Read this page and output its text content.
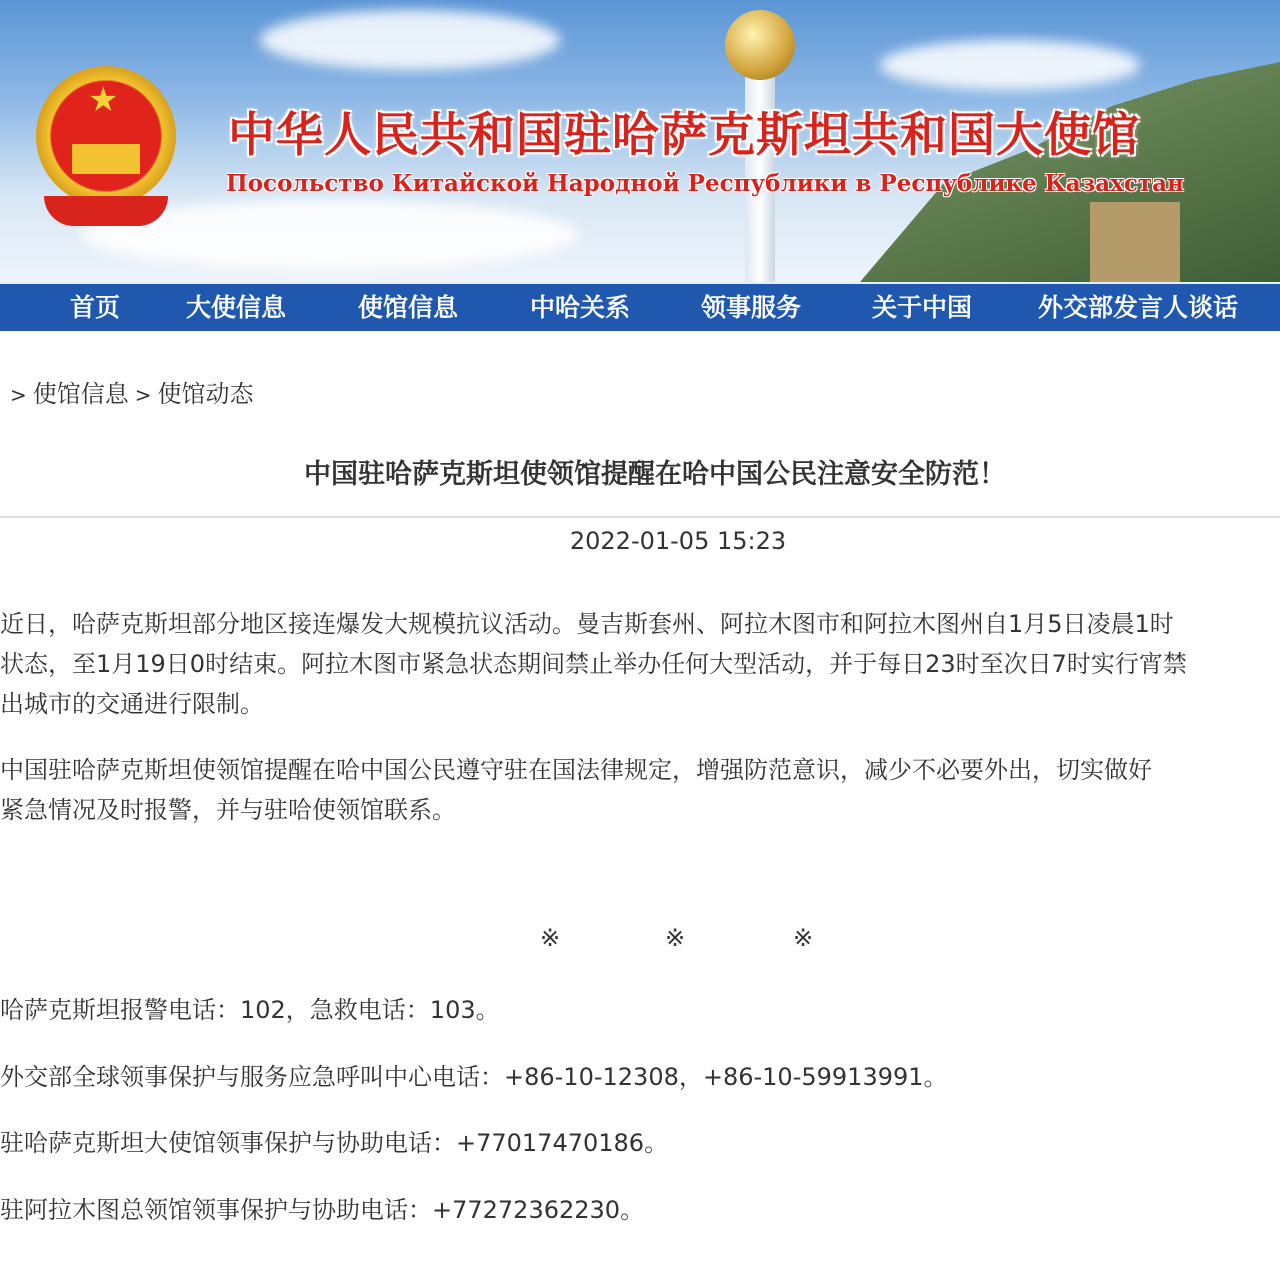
★
中华人民共和国驻哈萨克斯坦共和国大使馆
Посольство Китайской Народной Республики в Республике Казахстан
首页	大使信息	使馆信息	中哈关系	领事服务	关于中国	外交部发言人谈话
> 使馆信息 > 使馆动态
中国驻哈萨克斯坦使领馆提醒在哈中国公民注意安全防范！
2022-01-05 15:23
近日，哈萨克斯坦部分地区接连爆发大规模抗议活动。曼吉斯套州、阿拉木图市和阿拉木图州自1月5日凌晨1时
状态，至1月19日0时结束。阿拉木图市紧急状态期间禁止举办任何大型活动，并于每日23时至次日7时实行宵禁
出城市的交通进行限制。
中国驻哈萨克斯坦使领馆提醒在哈中国公民遵守驻在国法律规定，增强防范意识，减少不必要外出，切实做好
紧急情况及时报警，并与驻哈使领馆联系。
※	※	※
哈萨克斯坦报警电话：102，急救电话：103。
外交部全球领事保护与服务应急呼叫中心电话：+86-10-12308，+86-10-59913991。
驻哈萨克斯坦大使馆领事保护与协助电话：+77017470186。
驻阿拉木图总领馆领事保护与协助电话：+77272362230。
